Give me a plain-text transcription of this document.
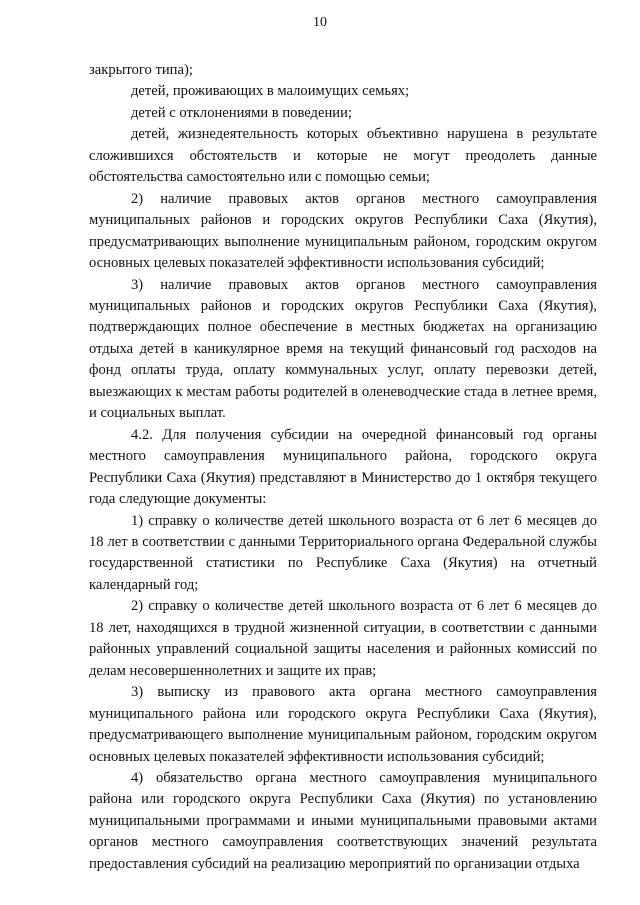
10

закрытого типа);

детей, проживающих в малоимущих семьях;

детей с отклонениями в поведении;

детей, жизнедеятельность которых объективно нарушена в результате сложившихся обстоятельств и которые не могут преодолеть данные обстоятельства самостоятельно или с помощью семьи;

2) наличие правовых актов органов местного самоуправления муниципальных районов и городских округов Республики Саха (Якутия), предусматривающих выполнение муниципальным районом, городским округом основных целевых показателей эффективности использования субсидий;

3) наличие правовых актов органов местного самоуправления муниципальных районов и городских округов Республики Саха (Якутия), подтверждающих полное обеспечение в местных бюджетах на организацию отдыха детей в каникулярное время на текущий финансовый год расходов на фонд оплаты труда, оплату коммунальных услуг, оплату перевозки детей, выезжающих к местам работы родителей в оленеводческие стада в летнее время, и социальных выплат.

4.2. Для получения субсидии на очередной финансовый год органы местного самоуправления муниципального района, городского округа Республики Саха (Якутия) представляют в Министерство до 1 октября текущего года следующие документы:

1) справку о количестве детей школьного возраста от 6 лет 6 месяцев до 18 лет в соответствии с данными Территориального органа Федеральной службы государственной статистики по Республике Саха (Якутия) на отчетный календарный год;

2) справку о количестве детей школьного возраста от 6 лет 6 месяцев до 18 лет, находящихся в трудной жизненной ситуации, в соответствии с данными районных управлений социальной защиты населения и районных комиссий по делам несовершеннолетних и защите их прав;

3) выписку из правового акта органа местного самоуправления муниципального района или городского округа Республики Саха (Якутия), предусматривающего выполнение муниципальным районом, городским округом основных целевых показателей эффективности использования субсидий;

4) обязательство органа местного самоуправления муниципального района или городского округа Республики Саха (Якутия) по установлению муниципальными программами и иными муниципальными правовыми актами органов местного самоуправления соответствующих значений результата предоставления субсидий на реализацию мероприятий по организации отдыха
